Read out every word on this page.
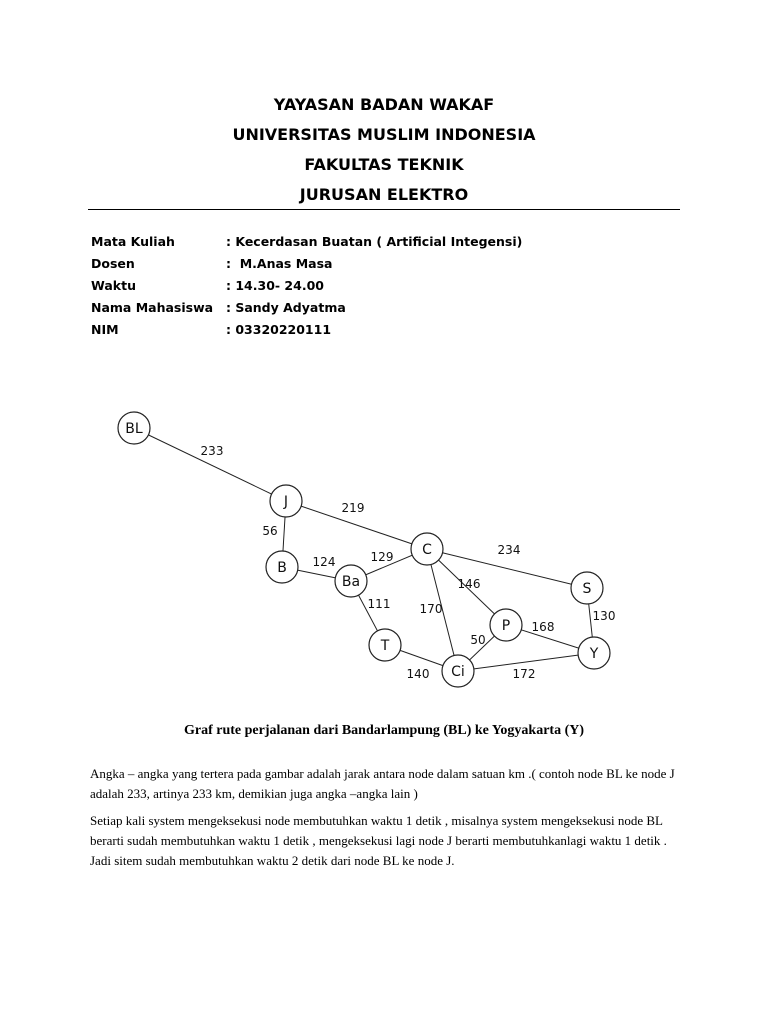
YAYASAN BADAN WAKAF
UNIVERSITAS MUSLIM INDONESIA
FAKULTAS TEKNIK
JURUSAN ELEKTRO
Mata Kuliah	: Kecerdasan Buatan ( Artificial Integensi)
Dosen	:  M.Anas Masa
Waktu	: 14.30- 24.00
Nama Mahasiswa : Sandy Adyatma
NIM	: 03320220111
233
56
219
124	129
111
234
146
170	130
168
50
140	172
BL
J
B
Ba
C
S
P
T
Ci
Y
Graf rute perjalanan dari Bandarlampung (BL) ke Yogyakarta (Y)

Angka – angka yang tertera pada gambar adalah jarak antara node dalam satuan km .( contoh node BL ke node J adalah 233, artinya 233 km, demikian juga angka –angka lain )

Setiap kali system mengeksekusi node membutuhkan waktu 1 detik , misalnya system mengeksekusi node BL berarti sudah membutuhkan waktu 1 detik , mengeksekusi lagi node J berarti membutuhkanlagi waktu 1 detik . Jadi sitem sudah membutuhkan waktu 2 detik dari node BL ke node J.
